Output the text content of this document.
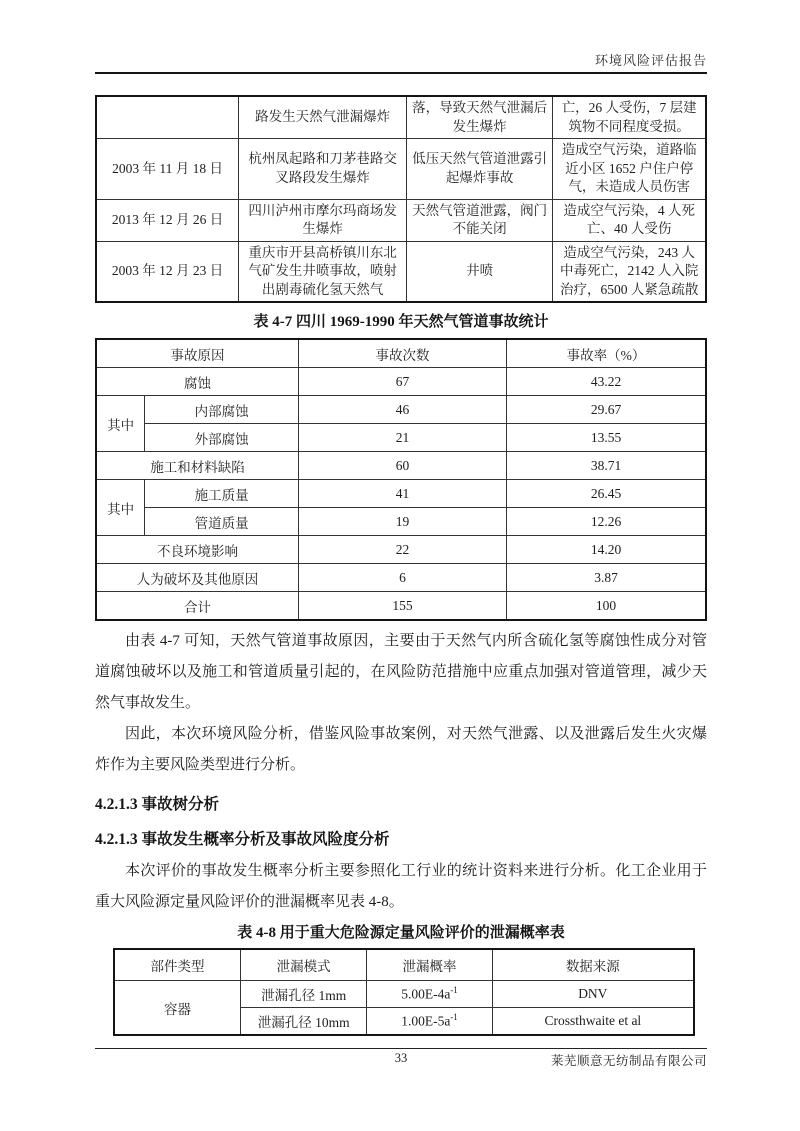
环境风险评估报告
	路发生天然气泄漏爆炸	落，导致天然气泄漏后发生爆炸	亡，26 人受伤，7 层建筑物不同程度受损。
2003 年 11 月 18 日	杭州凤起路和刀茅巷路交叉路段发生爆炸	低压天然气管道泄露引起爆炸事故	造成空气污染，道路临近小区 1652 户住户停气，未造成人员伤害
2013 年 12 月 26 日	四川泸州市摩尔玛商场发生爆炸	天然气管道泄露，阀门不能关闭	造成空气污染，4 人死亡、40 人受伤
2003 年 12 月 23 日	重庆市开县高桥镇川东北气矿发生井喷事故，喷射出剧毒硫化氢天然气	井喷	造成空气污染，243 人中毒死亡，2142 人入院治疗，6500 人紧急疏散
表 4-7 四川 1969-1990 年天然气管道事故统计
事故原因		事故次数	事故率（%）
腐蚀		67	43.22
其中	内部腐蚀	46	29.67
	外部腐蚀	21	13.55
施工和材料缺陷		60	38.71
其中	施工质量	41	26.45
	管道质量	19	12.26
不良环境影响		22	14.20
人为破坏及其他原因		6	3.87
合计		155	100

由表 4-7 可知，天然气管道事故原因，主要由于天然气内所含硫化氢等腐蚀性成分对管道腐蚀破坏以及施工和管道质量引起的，在风险防范措施中应重点加强对管道管理，减少天然气事故发生。

因此，本次环境风险分析，借鉴风险事故案例，对天然气泄露、以及泄露后发生火灾爆炸作为主要风险类型进行分析。

4.2.1.3 事故树分析

4.2.1.3 事故发生概率分析及事故风险度分析

本次评价的事故发生概率分析主要参照化工行业的统计资料来进行分析。化工企业用于重大风险源定量风险评价的泄漏概率见表 4-8。

表 4-8 用于重大危险源定量风险评价的泄漏概率表
部件类型	泄漏模式	泄漏概率	数据来源
容器	泄漏孔径 1mm	$5.00E-4a^{-1}$	DNV
	泄漏孔径 10mm	$1.00E-5a^{-1}$	Crossthwaite et al
33	莱芜顺意无纺制品有限公司
